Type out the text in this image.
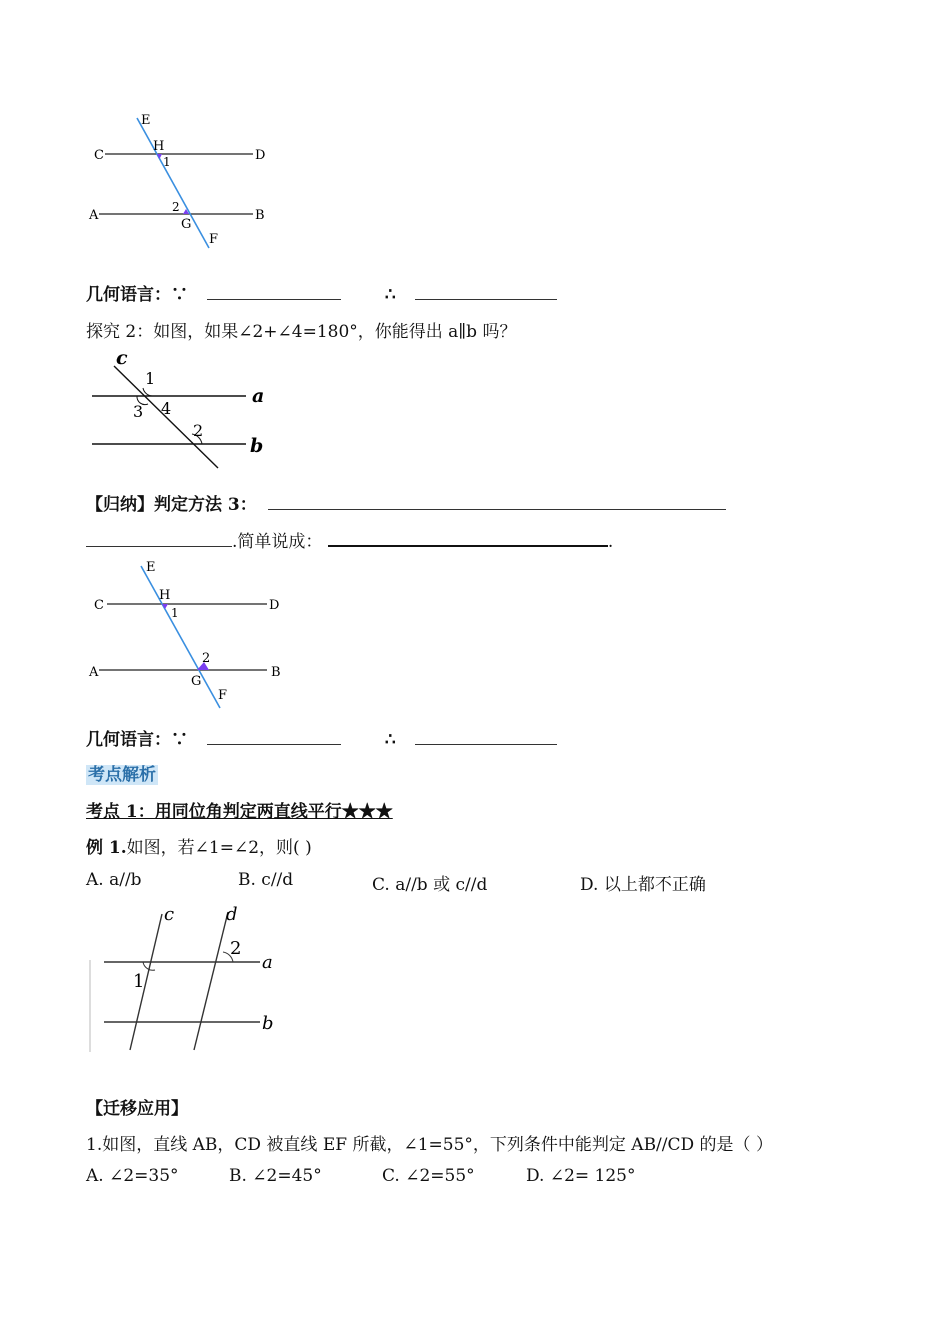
E
H
C	D
1
2
A	B
G
F
几何语言：∵	∴
探究 2：如图，如果∠2+∠4=180°，你能得出 a∥b 吗？
c
1
a
3 4
2
b
【归纳】判定方法 3：
.简单说成：	.
E
H
C	D
1
2
A	B
G
F
几何语言：∵	∴
考点解析
考点 1：用同位角判定两直线平行★★★
例 1.如图，若∠1=∠2，则( )
A. a//b	B. c//d	C. a//b 或 c//d	D. 以上都不正确
c	d
2
a
1
b
【迁移应用】
1.如图，直线 AB，CD 被直线 EF 所截，∠1=55°，下列条件中能判定 AB//CD 的是（ ）
A. ∠2=35°	B. ∠2=45°	C. ∠2=55°	D. ∠2= 125°
